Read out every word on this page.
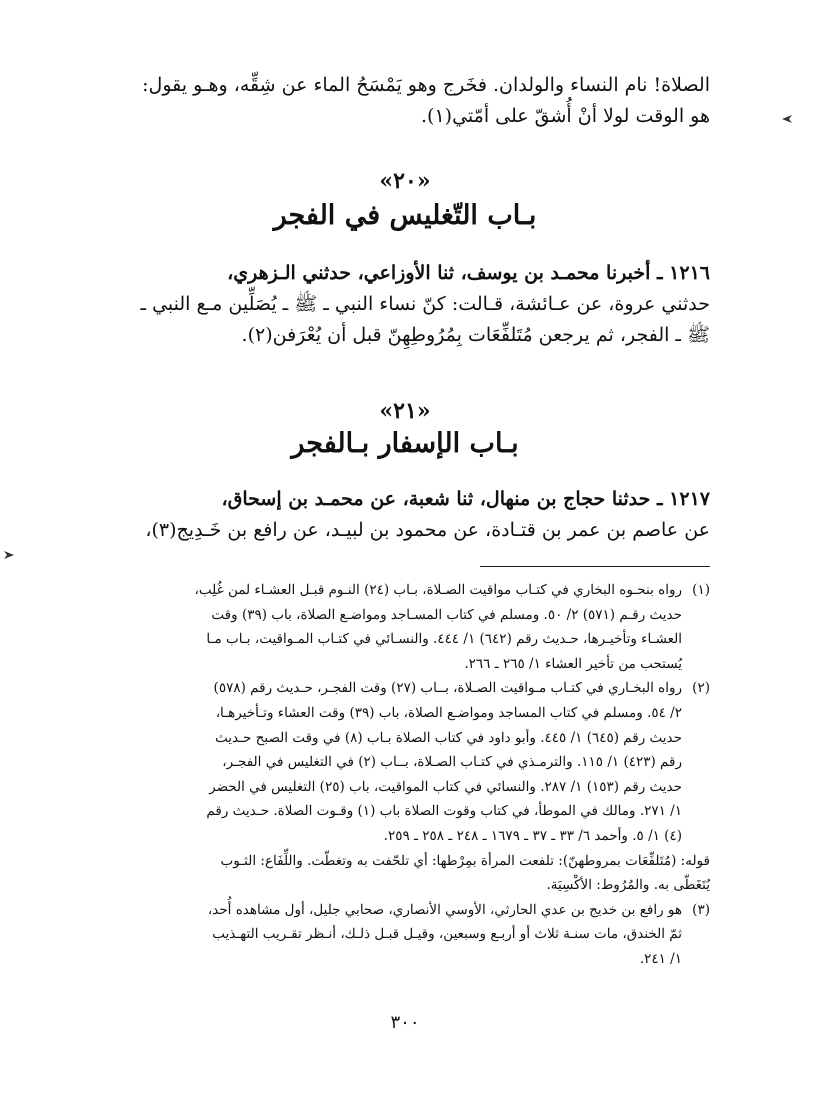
الصلاة! نام النساء والولدان. فخَرج وهو يَمْسَحُ الماء عن شِقِّه، وهـو يقول:

هو الوقت لولا أنْ أُشقّ على أمّتي(١).

«٢٠»
بـاب التّغليس في الفجر

١٢١٦ ـ أخبرنا محمـد بن يوسف، ثنا الأوزاعي، حدثني الـزهري،

حدثني عروة، عن عـائشة، قـالت: كنّ نساء النبي ـ ﷺ ـ يُصَلِّين مـع النبي ـ

ﷺ ـ الفجر، ثم يرجعن مُتَلفِّعَات بِمُرُوطِهِنّ قبل أن يُعْرَفن(٢).

«٢١»
بـاب الإسفار بـالفجر

١٢١٧ ـ حدثنا حجاج بن منهال، ثنا شعبة، عن محمـد بن إسحاق،

عن عاصم بن عمر بن قتـادة، عن محمود بن لبيـد، عن رافع بن خَـدِيج(٣)،

(١)

رواه بنحـوه البخاري في كتـاب مواقيت الصـلاة، بـاب (٢٤) النـوم قبـل العشـاء لمن غُلِب،

حديث رقـم (٥٧١) ٢/ ٥٠. ومسلم في كتاب المسـاجد ومواضـع الصلاة، باب (٣٩) وقت

العشـاء وتأخيـرها، حـديث رقم (٦٤٢) ١/ ٤٤٤. والنسـائي في كتـاب المـواقيت، بـاب مـا

يُستحب من تأخير العشاء ١/ ٢٦٥ ـ ٢٦٦.

(٢)

رواه البخـاري في كتـاب مـواقيت الصـلاة، بــاب (٢٧) وقت الفجـر، حـديث رقم (٥٧٨)

٢/ ٥٤. ومسلم في كتاب المساجد ومواضـع الصلاة، باب (٣٩) وقت العشاء وتـأخيرهـا،

حديث رقم (٦٤٥) ١/ ٤٤٥. وأبو داود في كتاب الصلاة بـاب (٨) في وقت الصبح حـديث

رقم (٤٢٣) ١/ ١١٥. والترمـذي في كتـاب الصـلاة، بــاب (٢) في التغليس في الفجـر،

حديث رقم (١٥٣) ١/ ٢٨٧. والنسائي في كتاب المواقيت، باب (٢٥) التغليس في الحضر

١/ ٢٧١. ومالك في الموطأ، في كتاب وقوت الصلاة باب (١) وقـوت الصلاة. حـديث رقم

(٤) ١/ ٥. وأحمد ٦/ ٣٣ ـ ٣٧ ـ ١٦٧٩ ـ ٢٤٨ ـ ٢٥٨ ـ ٢٥٩.

قوله: (مُتَلفِّعَات بمروطهنّ): تلفعت المرأة بمِرْطها: أي تلحّفت به وتغطّت. واللِّفَاع: الثـوب

يُتَغَطّى به. والمُرُوط: الأكْسِيَة.

(٣)

هو رافع بن خديج بن عدي الحارثي، الأوسي الأنصاري، صحابي جليل، أول مشاهده أُحد،

ثمّ الخندق، مات سنـة ثلاث أو أربـع وسبعين، وقيـل قبـل ذلـك، أنـظر تقـريب التهـذيب

١/ ٢٤١.

٣٠٠
